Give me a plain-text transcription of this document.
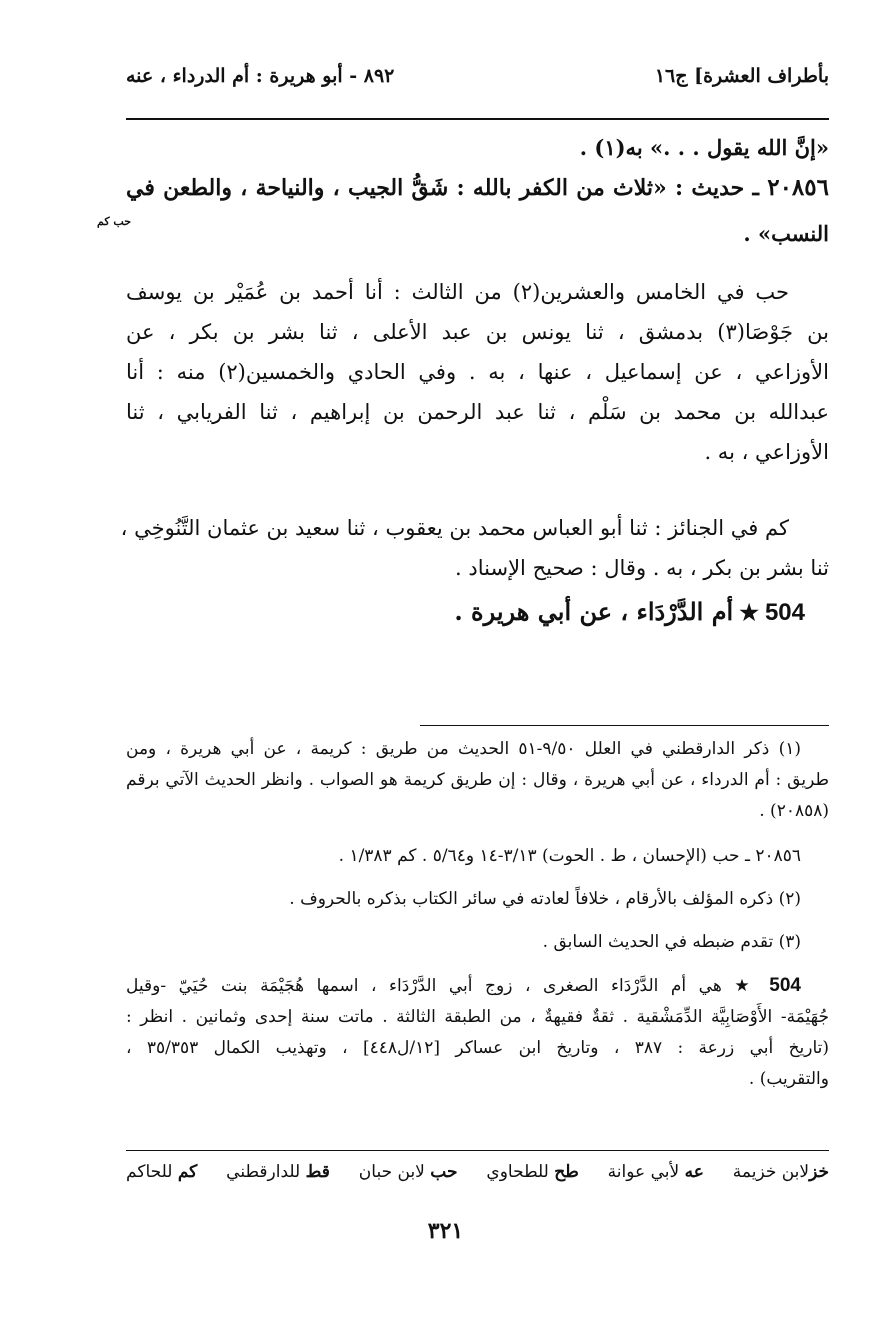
بأطراف العشرة] ج١٦
٨٩٢ - أبو هريرة : أم الدرداء ، عنه
«إنَّ الله يقول . . .» به(١) .
٢٠٨٥٦ ـ حديث : «ثلاث من الكفر بالله : شَقُّ الجيب ، والنياحة ، والطعن في
النسب» .
حب كم
حب في الخامس والعشرين(٢) من الثالث : أنا أحمد بن عُمَيْر بن يوسف
بن جَوْصَا(٣) بدمشق ، ثنا يونس بن عبد الأعلى ، ثنا بشر بن بكر ، عن
الأوزاعي ، عن إسماعيل ، عنها ، به . وفي الحادي والخمسين(٢) منه : أنا
عبدالله بن محمد بن سَلْم ، ثنا عبد الرحمن بن إبراهيم ، ثنا الفريابي ، ثنا
الأوزاعي ، به .
كم في الجنائز : ثنا أبو العباس محمد بن يعقوب ، ثنا سعيد بن عثمان التَّنُوخِي ،
ثنا بشر بن بكر ، به . وقال : صحيح الإسناد .
504★أم الدَّرْدَاء ، عن أبي هريرة .
(١) ذكر الدارقطني في العلل ٩/٥٠-٥١ الحديث من طريق : كريمة ، عن أبي هريرة ، ومن
طريق : أم الدرداء ، عن أبي هريرة ، وقال : إن طريق كريمة هو الصواب . وانظر الحديث الآتي برقم
(٢٠٨٥٨) .
٢٠٨٥٦ ـ حب (الإحسان ، ط . الحوت) ٣/١٣-١٤ و٥/٦٤ . كم ١/٣٨٣ .
(٢) ذكره المؤلف بالأرقام ، خلافاً لعادته في سائر الكتاب بذكره بالحروف .
(٣) تقدم ضبطه في الحديث السابق .
504 ★ هي أم الدَّرْدَاء الصغرى ، زوج أبي الدَّرْدَاء ، اسمها هُجَيْمَة بنت حُيَيّ -وقيل
جُهَيْمَة- الأَوْصَابِيَّة الدِّمَشْقية . ثقةٌ فقيهةٌ ، من الطبقة الثالثة . ماتت سنة إحدى وثمانين . انظر :
(تاريخ أبي زرعة : ٣٨٧ ، وتاريخ ابن عساكر [١٢/ل٤٤٨] ، وتهذيب الكمال ٣٥/٣٥٣ ،
والتقريب) .
خزلابن خزيمة
عه لأبي عوانة
طح للطحاوي
حب لابن حبان
قط للدارقطني
كم للحاكم
٣٢١
